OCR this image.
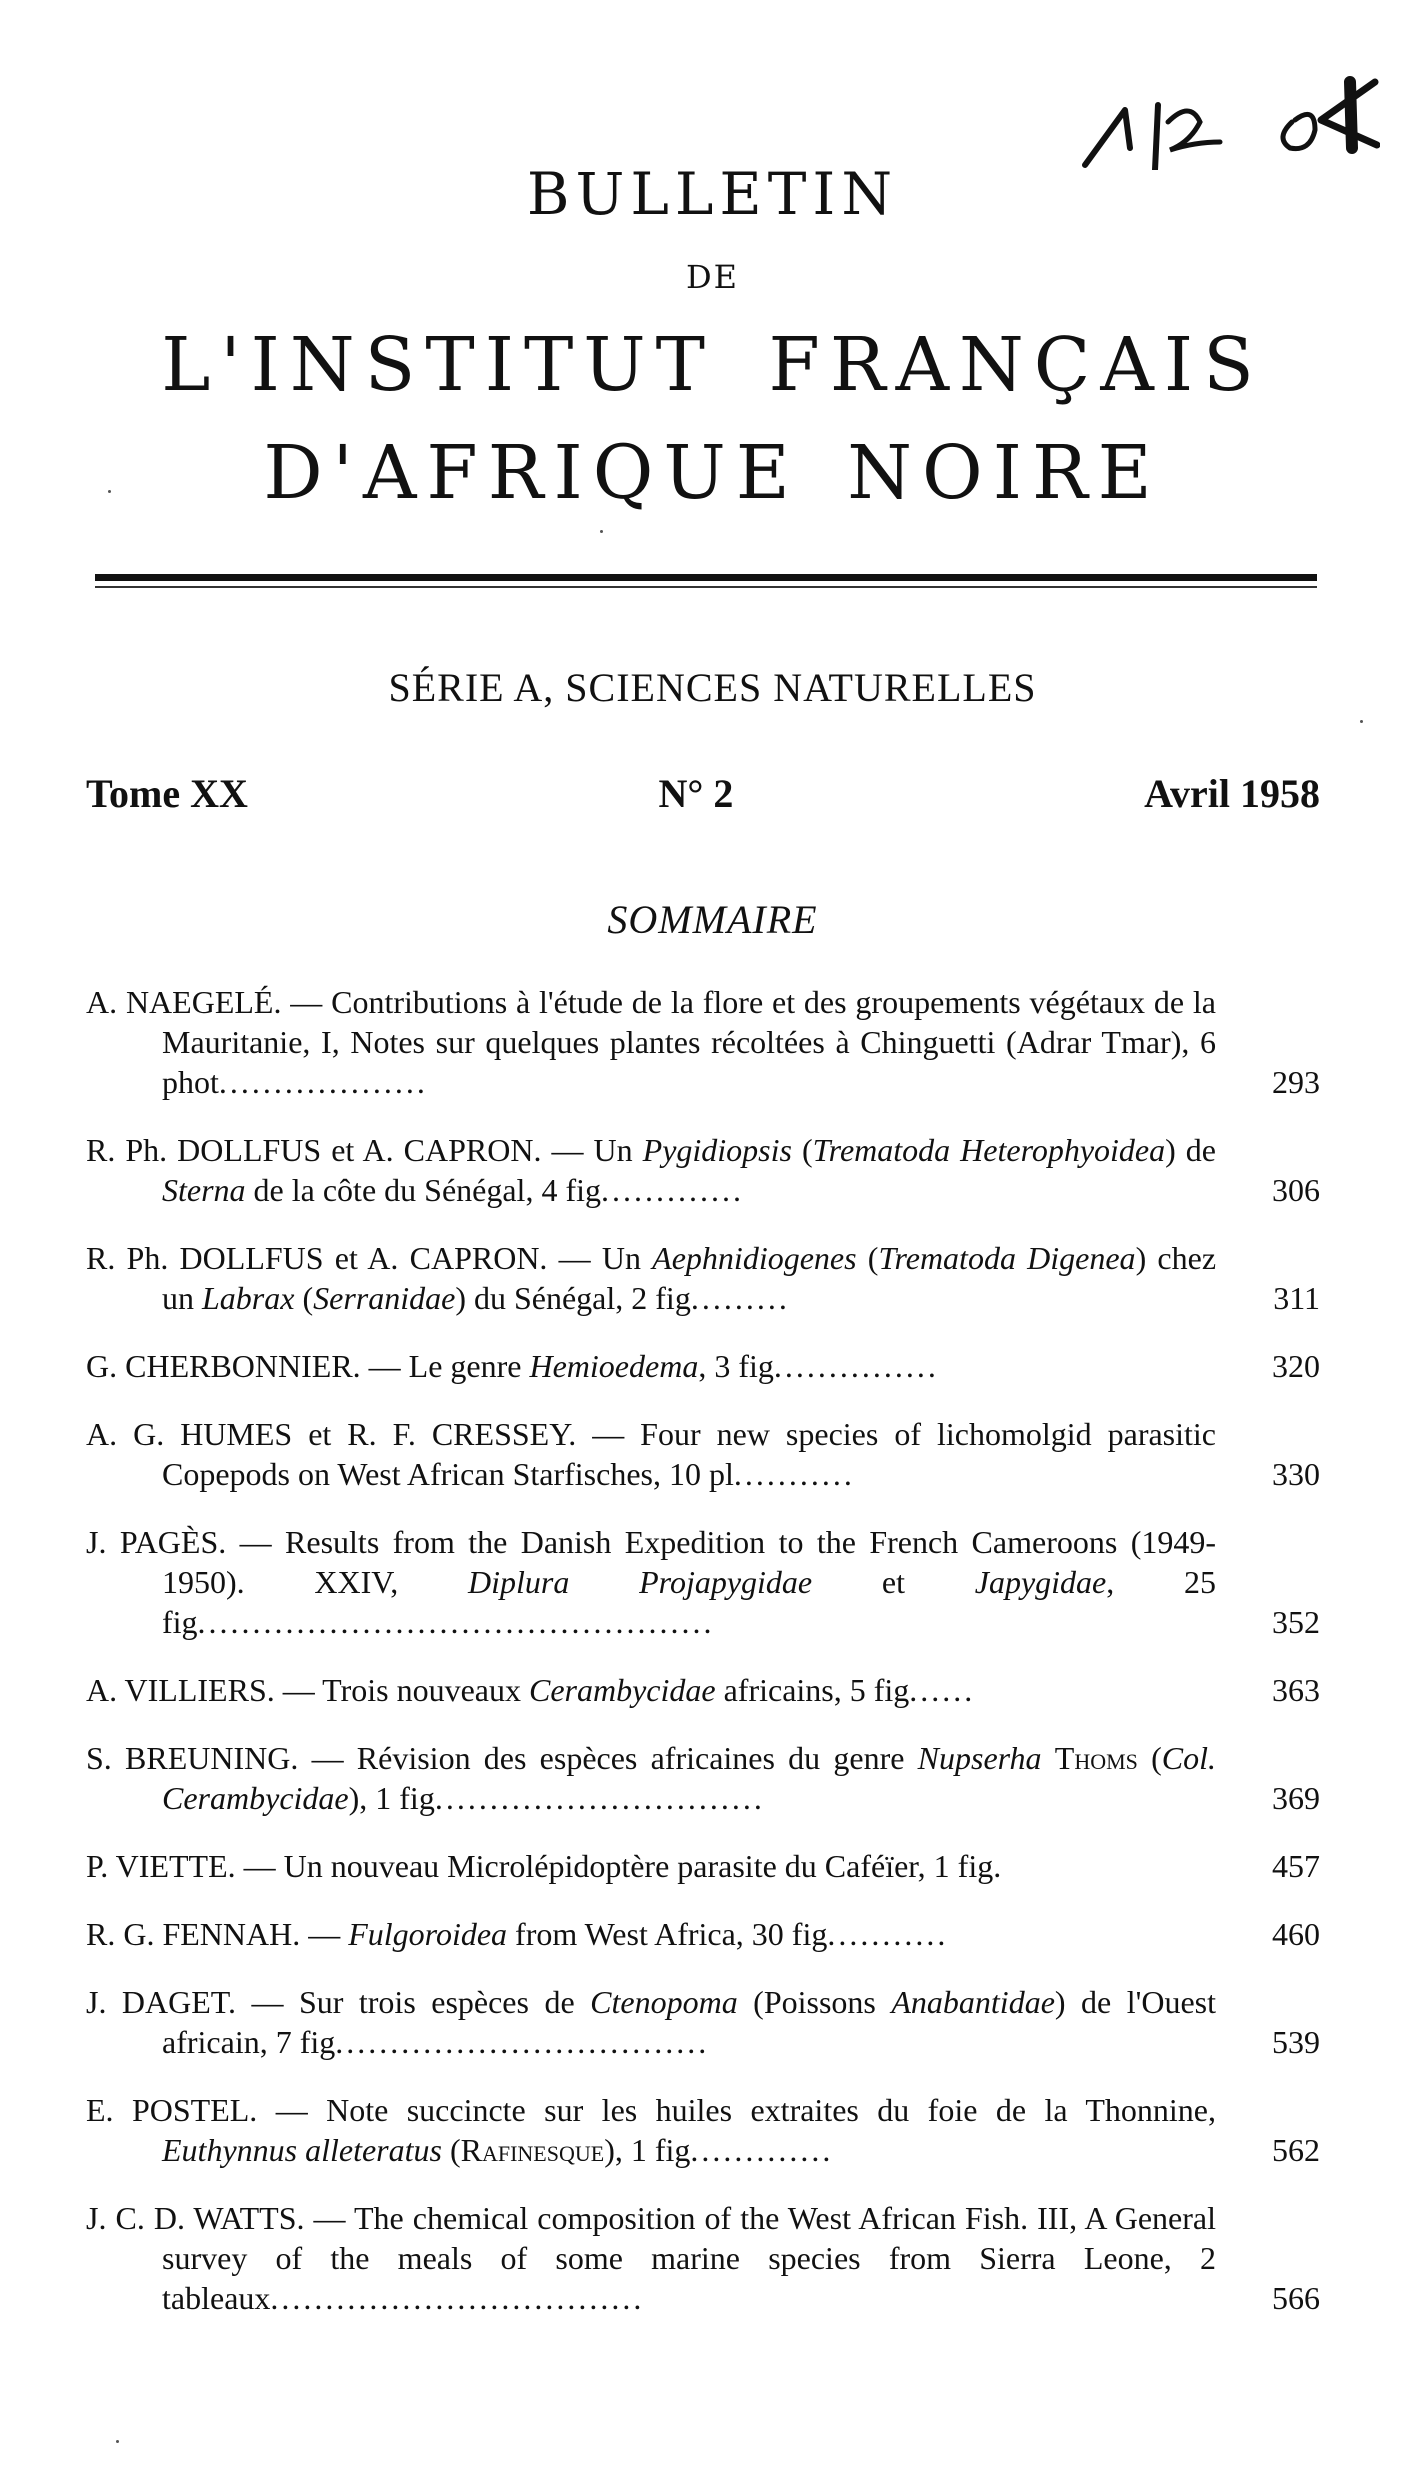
BULLETIN
DE
L'INSTITUT FRANÇAIS
D'AFRIQUE NOIRE
SÉRIE A, SCIENCES NATURELLES
Tome XX	N° 2	Avril 1958
SOMMAIRE
A. NAEGELÉ. — Contributions à l'étude de la flore et des groupements végétaux de la Mauritanie, I, Notes sur quelques plantes récoltées à Chinguetti (Adrar Tmar), 6 phot...................	293
R. Ph. DOLLFUS et A. CAPRON. — Un Pygidiopsis (Trematoda Heterophyoidea) de Sterna de la côte du Sénégal, 4 fig.............	306
R. Ph. DOLLFUS et A. CAPRON. — Un Aephnidiogenes (Trematoda Digenea) chez un Labrax (Serranidae) du Sénégal, 2 fig.........	311
G. CHERBONNIER. — Le genre Hemioedema, 3 fig...............	320
A. G. HUMES et R. F. CRESSEY. — Four new species of lichomolgid parasitic Copepods on West African Starfisches, 10 pl...........	330
J. PAGÈS. — Results from the Danish Expedition to the French Cameroons (1949-1950). XXIV, Diplura Projapygidae et Japygidae, 25 fig...............................................	352
A. VILLIERS. — Trois nouveaux Cerambycidae africains, 5 fig......	363
S. BREUNING. — Révision des espèces africaines du genre Nupserha Thoms (Col. Cerambycidae), 1 fig..............................	369
P. VIETTE. — Un nouveau Microlépidoptère parasite du Caféïer, 1 fig.	457
R. G. FENNAH. — Fulgoroidea from West Africa, 30 fig...........	460
J. DAGET. — Sur trois espèces de Ctenopoma (Poissons Anabantidae) de l'Ouest africain, 7 fig..................................	539
E. POSTEL. — Note succincte sur les huiles extraites du foie de la Thonnine, Euthynnus alleteratus (Rafinesque), 1 fig.............	562
J. C. D. WATTS. — The chemical composition of the West African Fish. III, A General survey of the meals of some marine species from Sierra Leone, 2 tableaux..................................	566
